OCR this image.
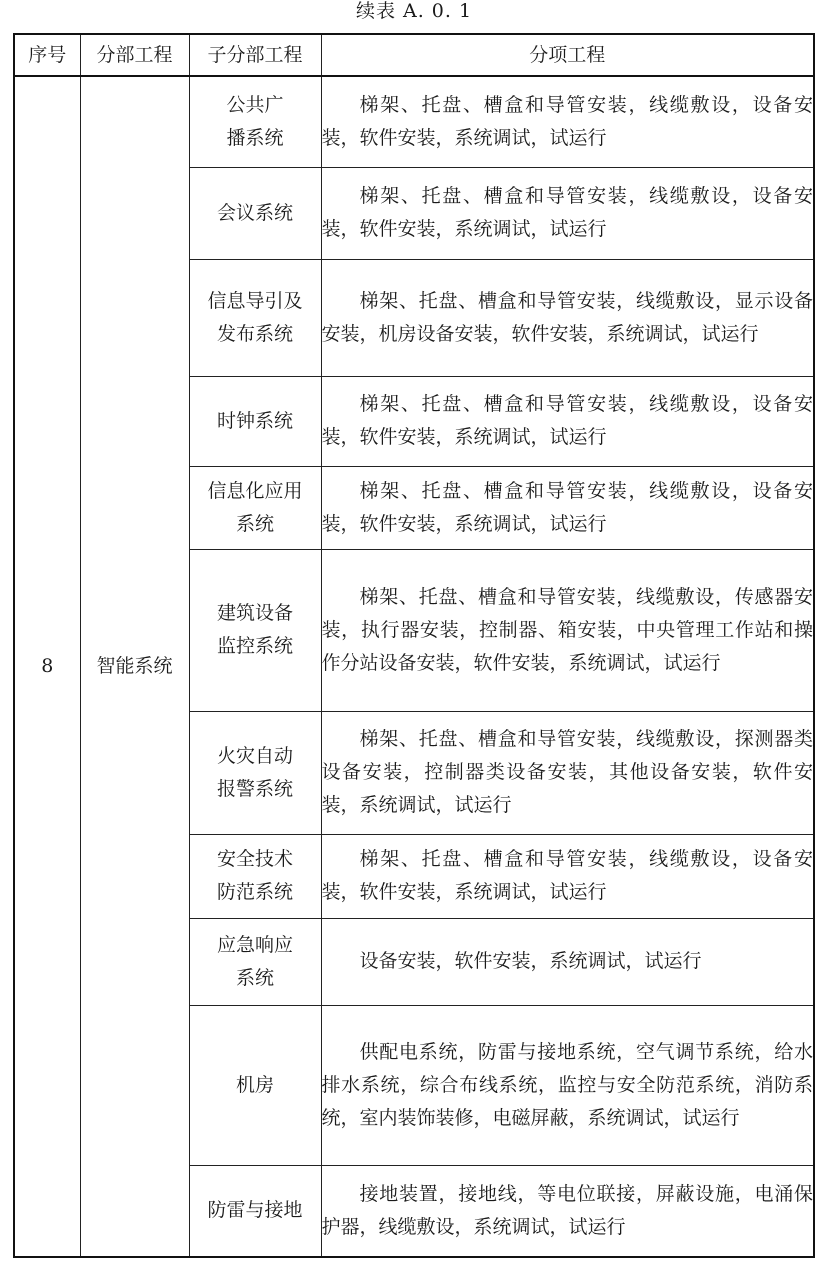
续表 A. 0. 1
序号	分部工程	子分部工程	分项工程
8	智能系统	公共广播系统	梯架、托盘、槽盒和导管安装，线缆敷设，设备安装，软件安装，系统调试，试运行
		会议系统	梯架、托盘、槽盒和导管安装，线缆敷设，设备安装，软件安装，系统调试，试运行
		信息导引及发布系统	梯架、托盘、槽盒和导管安装，线缆敷设，显示设备安装，机房设备安装，软件安装，系统调试，试运行
		时钟系统	梯架、托盘、槽盒和导管安装，线缆敷设，设备安装，软件安装，系统调试，试运行
		信息化应用系统	梯架、托盘、槽盒和导管安装，线缆敷设，设备安装，软件安装，系统调试，试运行
		建筑设备监控系统	梯架、托盘、槽盒和导管安装，线缆敷设，传感器安装，执行器安装，控制器、箱安装，中央管理工作站和操作分站设备安装，软件安装，系统调试，试运行
		火灾自动报警系统	梯架、托盘、槽盒和导管安装，线缆敷设，探测器类设备安装，控制器类设备安装，其他设备安装，软件安装，系统调试，试运行
		安全技术防范系统	梯架、托盘、槽盒和导管安装，线缆敷设，设备安装，软件安装，系统调试，试运行
		应急响应系统	设备安装，软件安装，系统调试，试运行
		机房	供配电系统，防雷与接地系统，空气调节系统，给水排水系统，综合布线系统，监控与安全防范系统，消防系统，室内装饰装修，电磁屏蔽，系统调试，试运行
		防雷与接地	接地装置，接地线，等电位联接，屏蔽设施，电涌保护器，线缆敷设，系统调试，试运行
